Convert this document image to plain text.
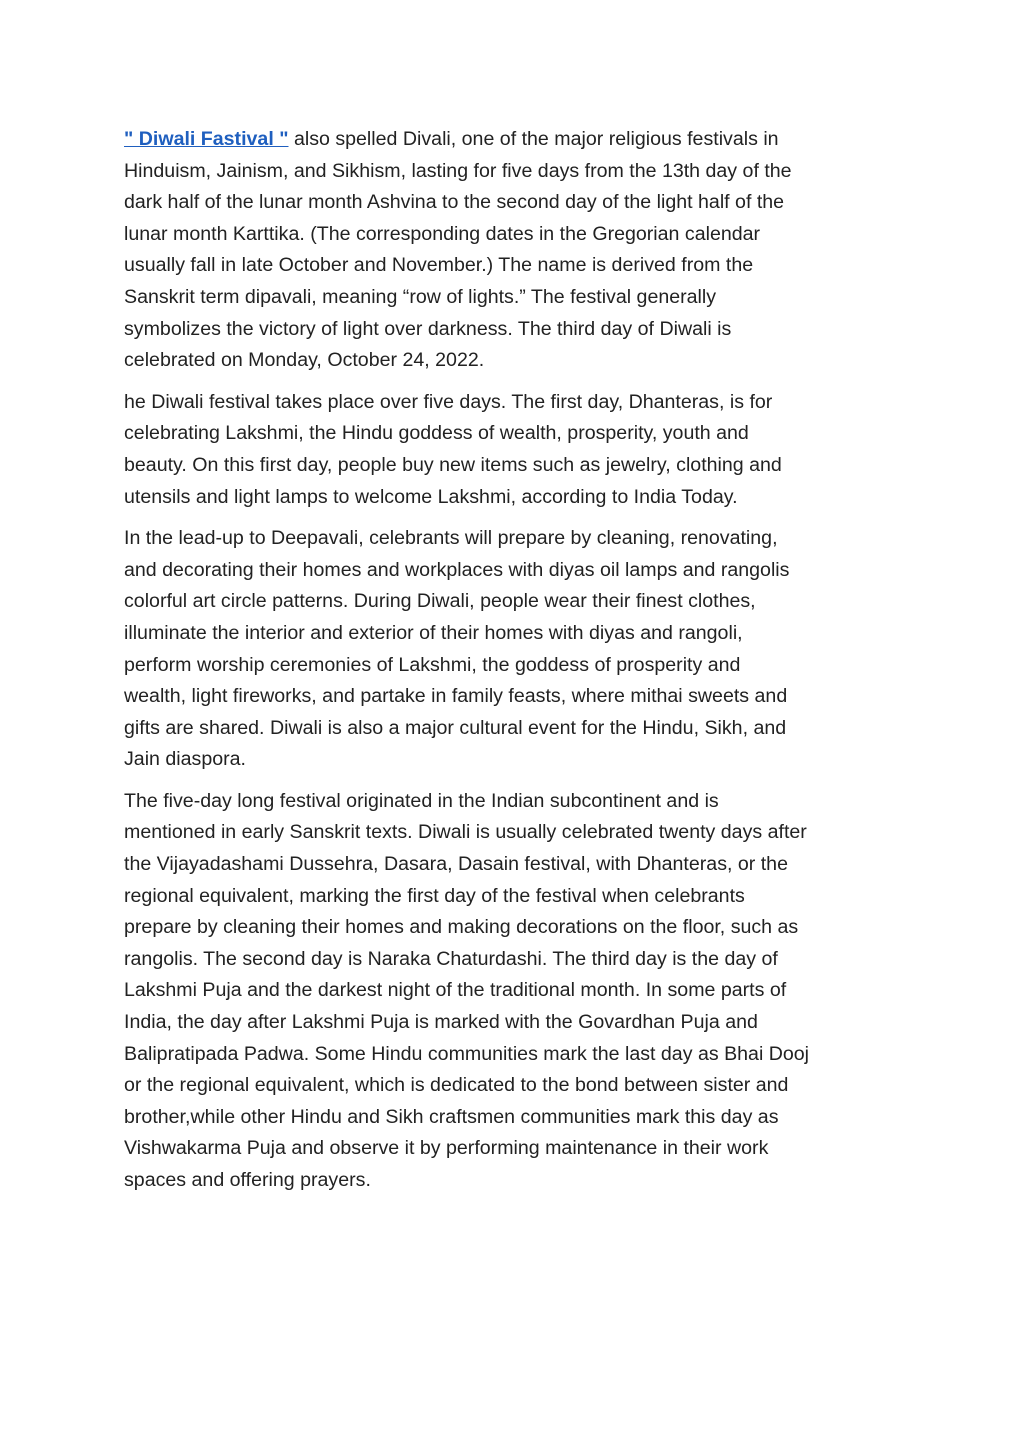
" Diwali Fastival " also spelled Divali, one of the major religious festivals in
Hinduism, Jainism, and Sikhism, lasting for five days from the 13th day of the
dark half of the lunar month Ashvina to the second day of the light half of the
lunar month Karttika. (The corresponding dates in the Gregorian calendar
usually fall in late October and November.) The name is derived from the
Sanskrit term dipavali, meaning “row of lights.” The festival generally
symbolizes the victory of light over darkness. The third day of Diwali is
celebrated on Monday, October 24, 2022.

he Diwali festival takes place over five days. The first day, Dhanteras, is for
celebrating Lakshmi, the Hindu goddess of wealth, prosperity, youth and
beauty. On this first day, people buy new items such as jewelry, clothing and
utensils and light lamps to welcome Lakshmi, according to India Today.

In the lead-up to Deepavali, celebrants will prepare by cleaning, renovating,
and decorating their homes and workplaces with diyas oil lamps and rangolis
colorful art circle patterns. During Diwali, people wear their finest clothes,
illuminate the interior and exterior of their homes with diyas and rangoli,
perform worship ceremonies of Lakshmi, the goddess of prosperity and
wealth, light fireworks, and partake in family feasts, where mithai sweets and
gifts are shared. Diwali is also a major cultural event for the Hindu, Sikh, and
Jain diaspora.

The five-day long festival originated in the Indian subcontinent and is
mentioned in early Sanskrit texts. Diwali is usually celebrated twenty days after
the Vijayadashami Dussehra, Dasara, Dasain festival, with Dhanteras, or the
regional equivalent, marking the first day of the festival when celebrants
prepare by cleaning their homes and making decorations on the floor, such as
rangolis. The second day is Naraka Chaturdashi. The third day is the day of
Lakshmi Puja and the darkest night of the traditional month. In some parts of
India, the day after Lakshmi Puja is marked with the Govardhan Puja and
Balipratipada Padwa. Some Hindu communities mark the last day as Bhai Dooj
or the regional equivalent, which is dedicated to the bond between sister and
brother,while other Hindu and Sikh craftsmen communities mark this day as
Vishwakarma Puja and observe it by performing maintenance in their work
spaces and offering prayers.
